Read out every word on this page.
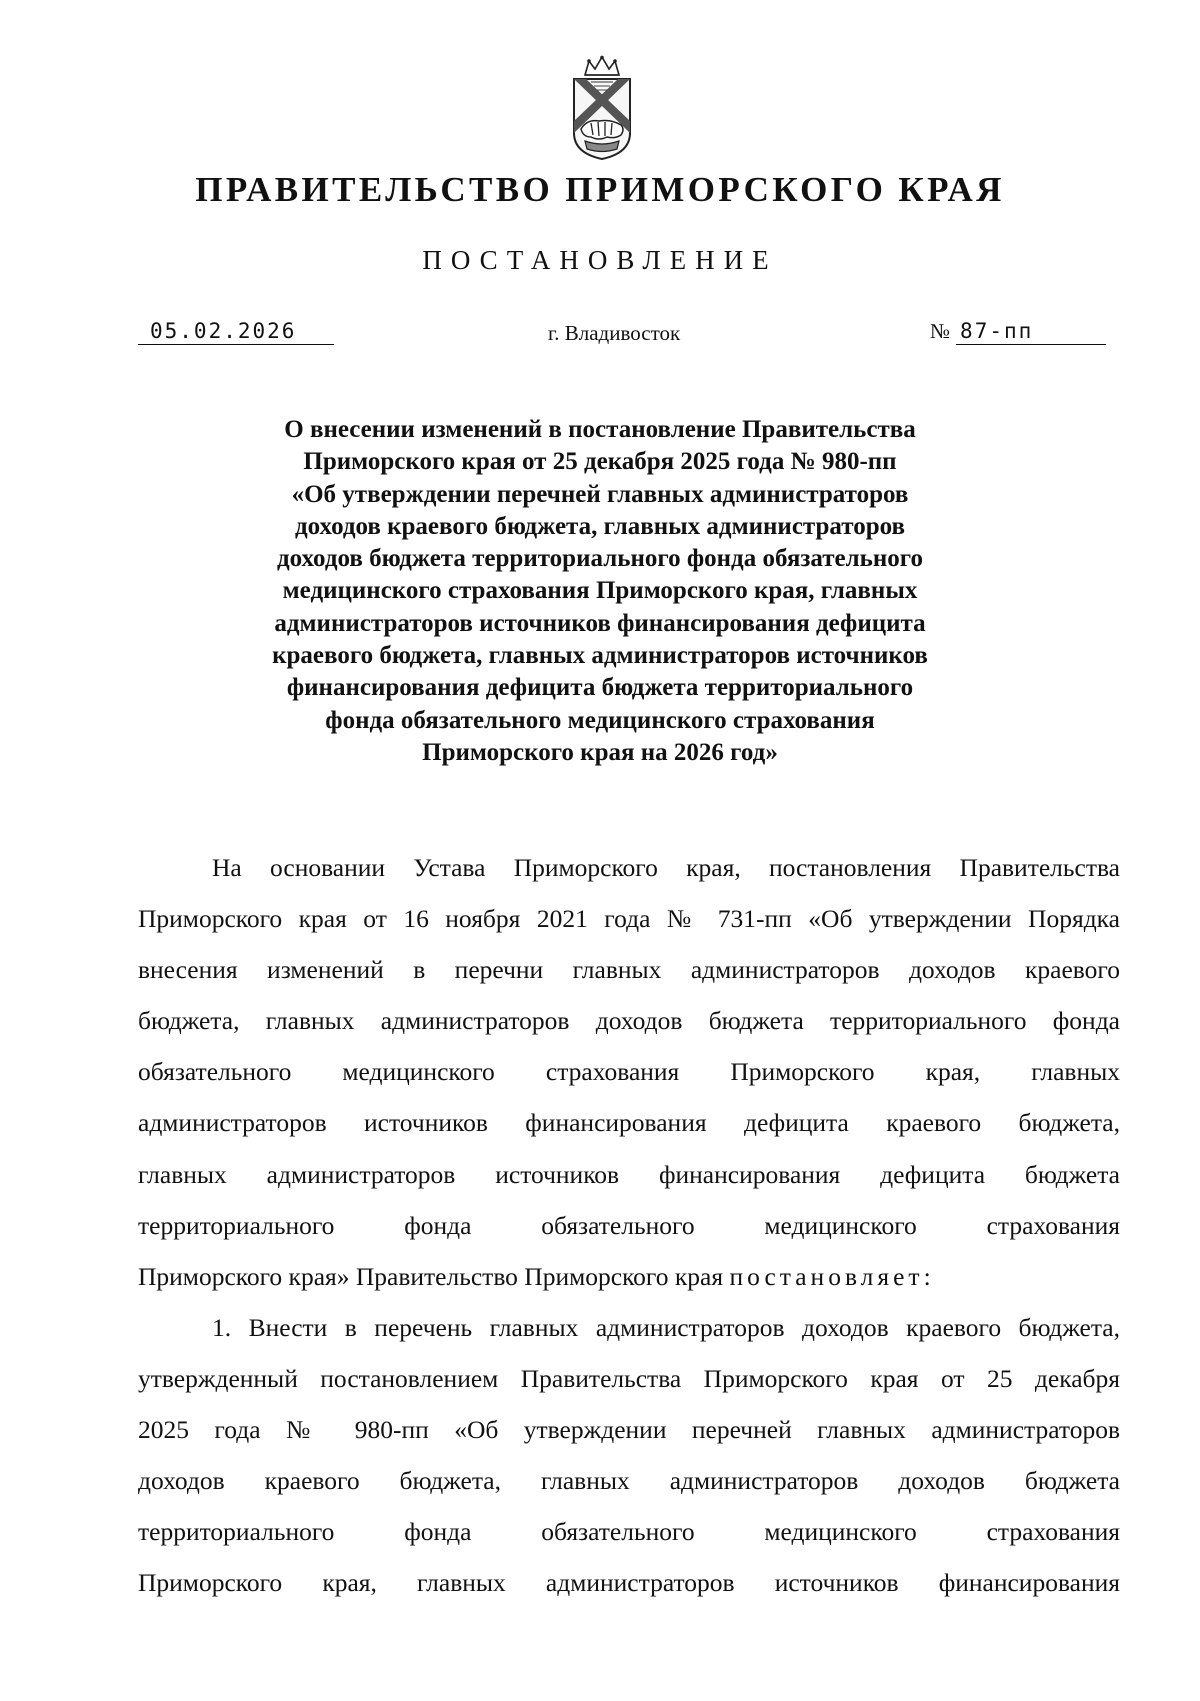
ПРАВИТЕЛЬСТВО ПРИМОРСКОГО КРАЯ
ПОСТАНОВЛЕНИЕ
05.02.2026	г. Владивосток	№ 87-пп
О внесении изменений в постановление Правительства
Приморского края от 25 декабря 2025 года № 980-пп
«Об утверждении перечней главных администраторов
доходов краевого бюджета, главных администраторов
доходов бюджета территориального фонда обязательного
медицинского страхования Приморского края, главных
администраторов источников финансирования дефицита
краевого бюджета, главных администраторов источников
финансирования дефицита бюджета территориального
фонда обязательного медицинского страхования
Приморского края на 2026 год»
На основании Устава Приморского края, постановления Правительства
Приморского края от 16 ноября 2021 года № 731-пп «Об утверждении Порядка
внесения изменений в перечни главных администраторов доходов краевого
бюджета, главных администраторов доходов бюджета территориального фонда
обязательного медицинского страхования Приморского края, главных
администраторов источников финансирования дефицита краевого бюджета,
главных администраторов источников финансирования дефицита бюджета
территориального фонда обязательного медицинского страхования
Приморского края» Правительство Приморского края постановляет:
1. Внести в перечень главных администраторов доходов краевого бюджета,
утвержденный постановлением Правительства Приморского края от 25 декабря
2025 года № 980-пп «Об утверждении перечней главных администраторов
доходов краевого бюджета, главных администраторов доходов бюджета
территориального фонда обязательного медицинского страхования
Приморского края, главных администраторов источников финансирования
